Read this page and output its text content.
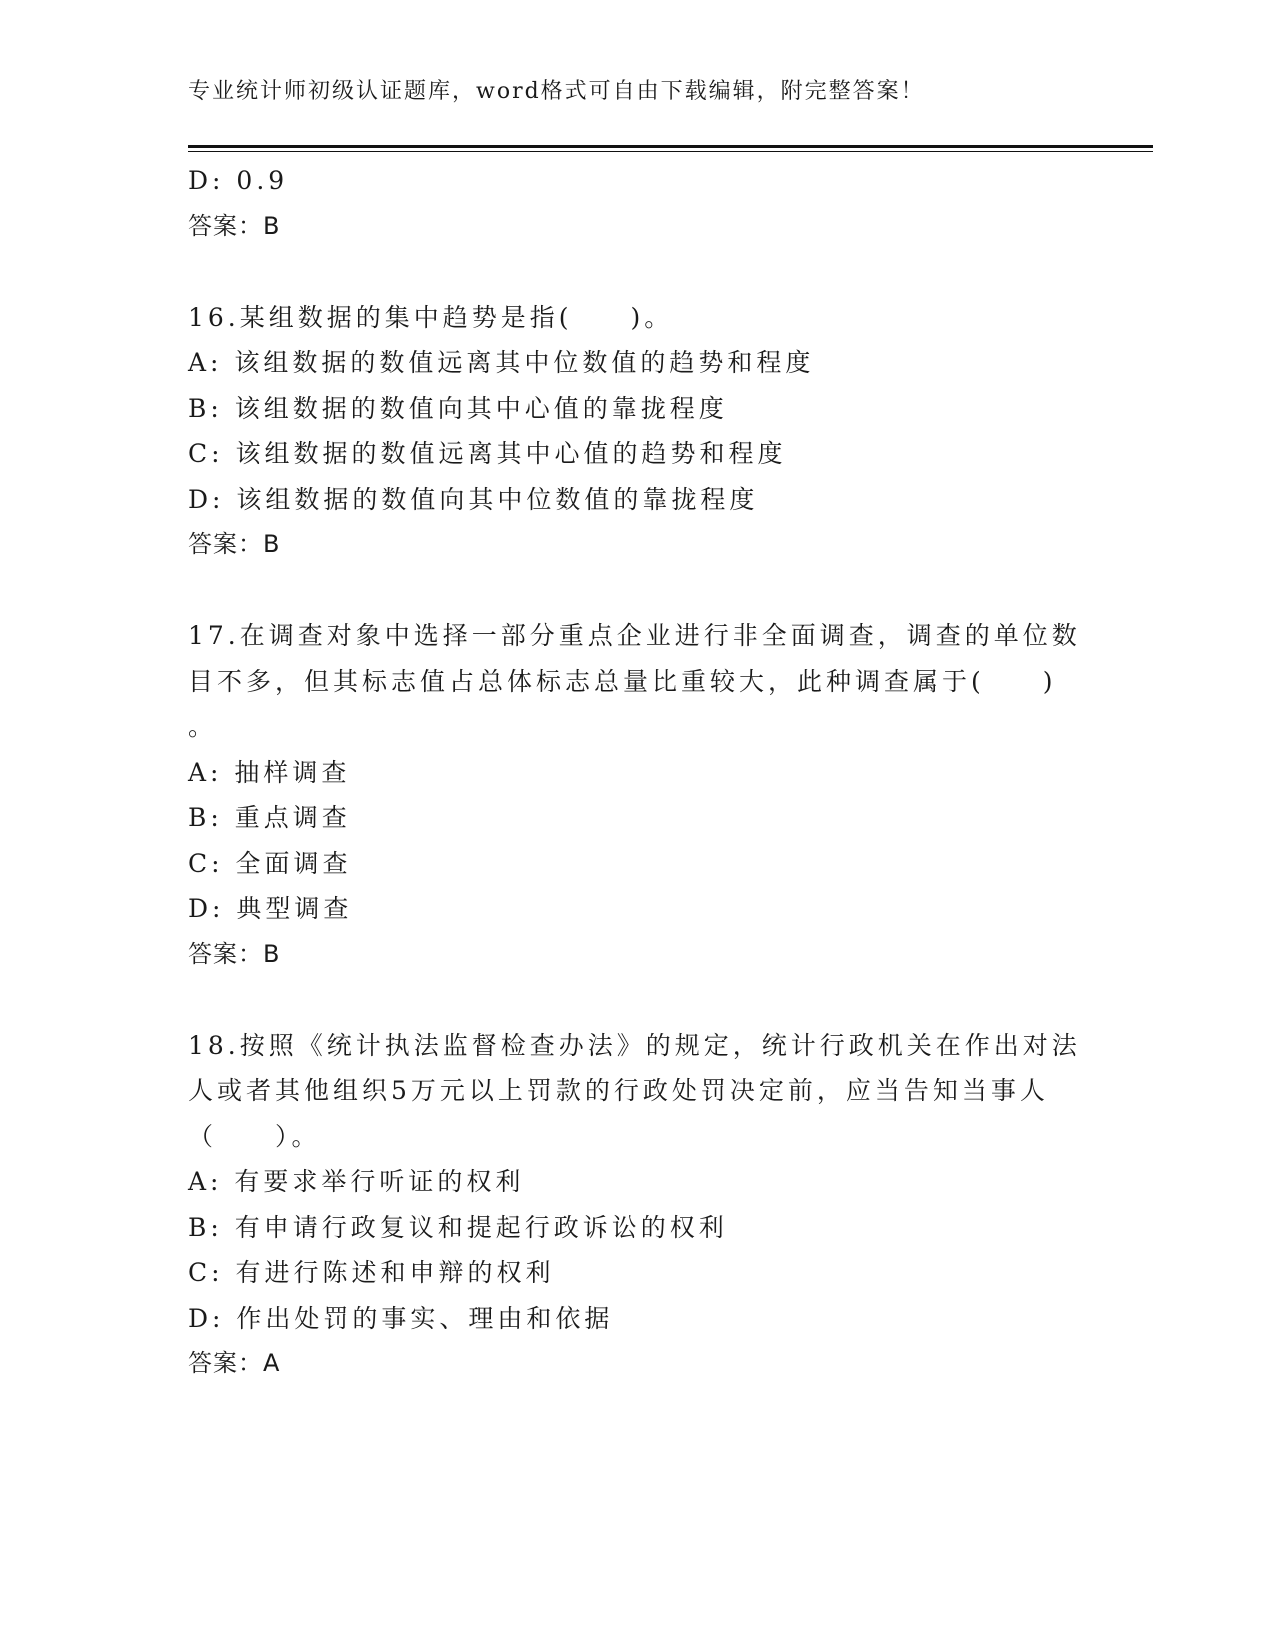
专业统计师初级认证题库，word格式可自由下载编辑，附完整答案！
D: 0.9
答案：B
16.某组数据的集中趋势是指(　　)。
A: 该组数据的数值远离其中位数值的趋势和程度
B: 该组数据的数值向其中心值的靠拢程度
C: 该组数据的数值远离其中心值的趋势和程度
D: 该组数据的数值向其中位数值的靠拢程度
答案：B
17.在调查对象中选择一部分重点企业进行非全面调查，调查的单位数
目不多，但其标志值占总体标志总量比重较大，此种调查属于(　　)
。
A: 抽样调查
B: 重点调查
C: 全面调查
D: 典型调查
答案：B
18.按照《统计执法监督检查办法》的规定，统计行政机关在作出对法
人或者其他组织5万元以上罚款的行政处罚决定前，应当告知当事人
（　　）。
A: 有要求举行听证的权利
B: 有申请行政复议和提起行政诉讼的权利
C: 有进行陈述和申辩的权利
D: 作出处罚的事实、理由和依据
答案：A
